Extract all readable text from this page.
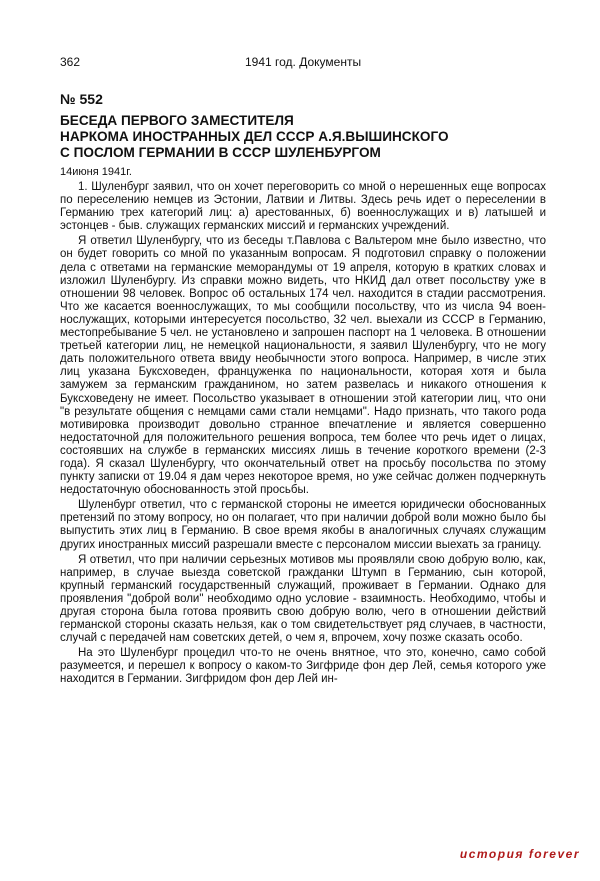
362	1941 год. Документы
№ 552
БЕСЕДА ПЕРВОГО ЗАМЕСТИТЕЛЯ
НАРКОМА ИНОСТРАННЫХ ДЕЛ СССР А.Я.ВЫШИНСКОГО
С ПОСЛОМ ГЕРМАНИИ В СССР ШУЛЕНБУРГОМ
14июня 1941г.

1. Шуленбург заявил, что он хочет переговорить со мной о нерешенных еще вопросах по переселению немцев из Эстонии, Латвии и Литвы. Здесь речь идет о переселении в Германию трех категорий лиц: а) арестованных, б) военнослужащих и в) латышей и эстонцев - быв. служащих германских миссий и германских учреждений.

Я ответил Шуленбургу, что из беседы т.Павлова с Вальтером мне было известно, что он будет говорить со мной по указанным вопросам. Я подготовил справку о положении дела с ответами на германские меморандумы от 19 апреля, которую в кратких словах и изложил Шуленбургу. Из справки можно видеть, что НКИД дал ответ посольству уже в отношении 98 человек. Вопрос об остальных 174 чел. находится в стадии рассмотрения. Что же касается военнослужащих, то мы сообщили посольству, что из числа 94 военнослужащих, которыми интересуется посольство, 32 чел. выехали из СССР в Германию, местопребывание 5 чел. не установлено и запрошен паспорт на 1 человека. В отношении третьей категории лиц, не немецкой национальности, я заявил Шуленбургу, что не могу дать положительного ответа ввиду необычности этого вопроса. Например, в числе этих лиц указана Буксховеден, француженка по национальности, которая хотя и была замужем за германским гражданином, но затем развелась и никакого отношения к Буксховедену не имеет. Посольство указывает в отношении этой категории лиц, что они "в результате общения с немцами сами стали немцами". Надо признать, что такого рода мотивировка производит довольно странное впечатление и является совершенно недостаточной для положительного решения вопроса, тем более что речь идет о лицах, состоявших на службе в германских миссиях лишь в течение короткого времени (2-3 года). Я сказал Шуленбургу, что окончательный ответ на просьбу посольства по этому пункту записки от 19.04 я дам через некоторое время, но уже сейчас должен подчеркнуть недостаточную обоснованность этой просьбы.

Шуленбург ответил, что с германской стороны не имеется юридически обоснованных претензий по этому вопросу, но он полагает, что при наличии доброй воли можно было бы выпустить этих лиц в Германию. В свое время якобы в аналогичных случаях служащим других иностранных миссий разрешали вместе с персоналом миссии выехать за границу.

Я ответил, что при наличии серьезных мотивов мы проявляли свою добрую волю, как, например, в случае выезда советской гражданки Штумп в Германию, сын которой, крупный германский государственный служащий, проживает в Германии. Однако для проявления "доброй воли" необходимо одно условие - взаимность. Необходимо, чтобы и другая сторона была готова проявить свою добрую волю, чего в отношении действий германской стороны сказать нельзя, как о том свидетельствует ряд случаев, в частности, случай с передачей нам советских детей, о чем я, впрочем, хочу позже сказать особо.

На это Шуленбург процедил что-то не очень внятное, что это, конечно, само собой разумеется, и перешел к вопросу о каком-то Зигфриде фон дер Лей, семья которого уже находится в Германии. Зигфридом фон дер Лей ин-

история forever
